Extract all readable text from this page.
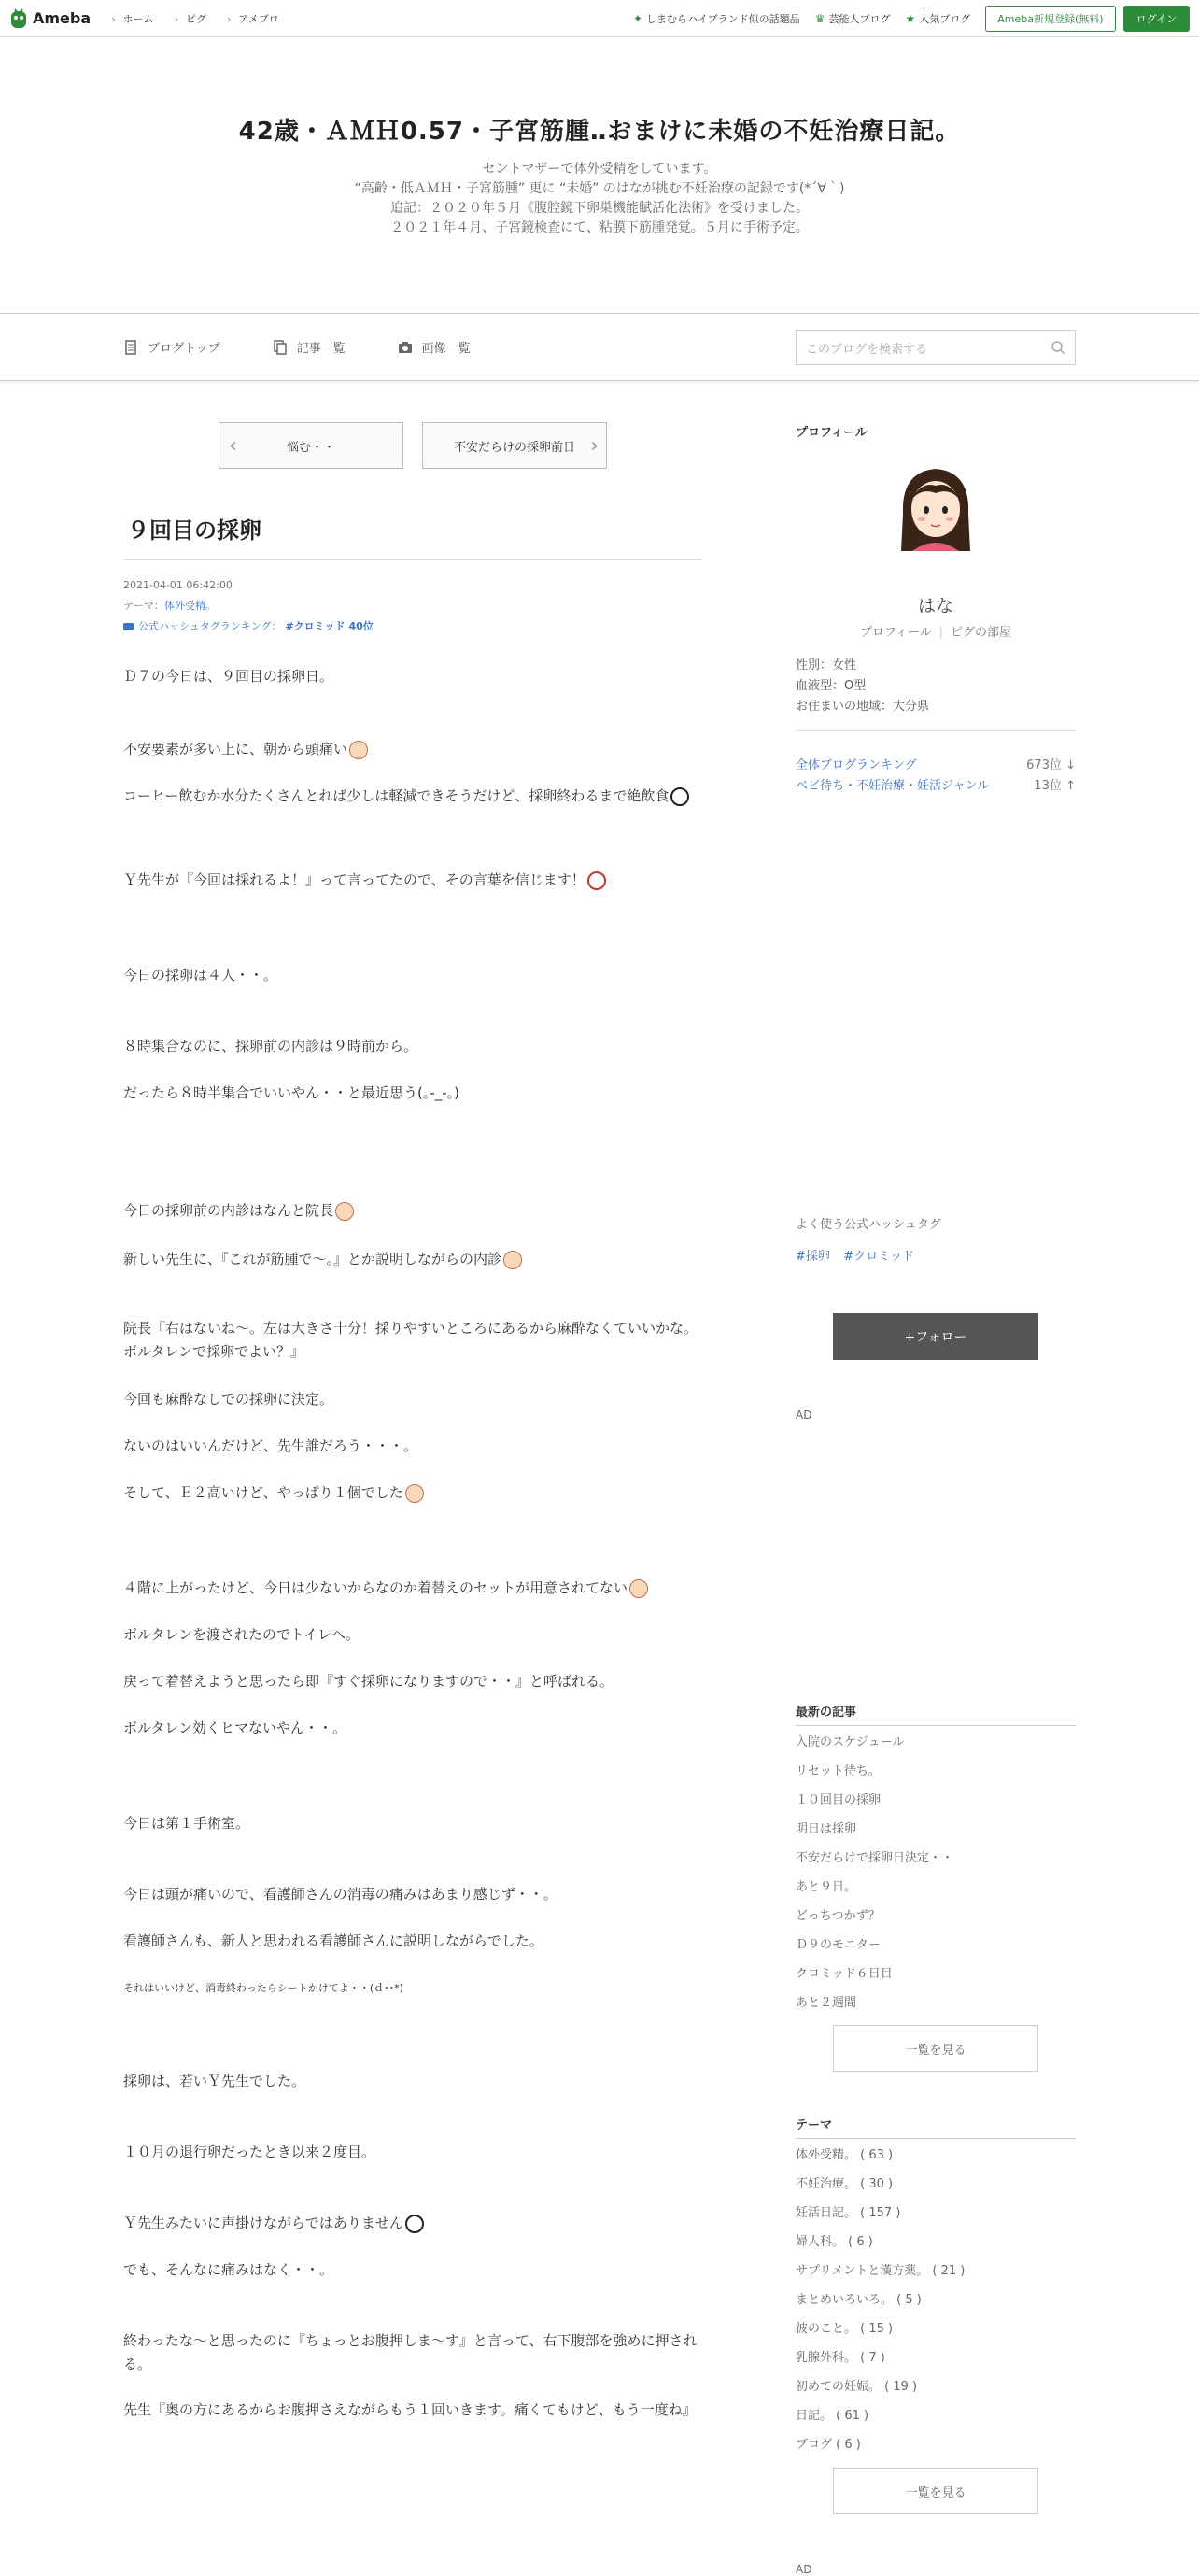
Ameba	› ホーム	› ピグ	› アメブロ	✦ しまむらハイブランド似の話題品 ♛ 芸能人ブログ ★ 人気ブログ	Ameba新規登録(無料)	ログイン
42歳・ＡＭＨ0.57・子宮筋腫‥おまけに未婚の不妊治療日記。
セントマザーで体外受精をしています。
“高齢・低ＡＭＨ・子宮筋腫” 更に “未婚” のはなが挑む不妊治療の記録です(*´∀｀)
追記：２０２０年５月《腹腔鏡下卵巣機能賦活化法術》を受けました。
２０２１年４月、子宮鏡検査にて、粘膜下筋腫発覚。５月に手術予定。
ブログトップ	記事一覧	画像一覧	このブログを検索する
‹	悩む・・	不安だらけの採卵前日 ›
９回目の採卵
2021-04-01 06:42:00
テーマ：体外受精。
公式ハッシュタグランキング： #クロミッド 40位
Ｄ７の今日は、９回目の採卵日。
不安要素が多い上に、朝から頭痛い
コーヒー飲むか水分たくさんとれば少しは軽減できそうだけど、採卵終わるまで絶飲食
Ｙ先生が『今回は採れるよ！』って言ってたので、その言葉を信じます！
今日の採卵は４人・・。
８時集合なのに、採卵前の内診は９時前から。
だったら８時半集合でいいやん・・と最近思う(｡-_-｡)
今日の採卵前の内診はなんと院長
新しい先生に、『これが筋腫で〜。』とか説明しながらの内診
院長『右はないね〜。左は大きさ十分！採りやすいところにあるから麻酔なくていいかな。ボルタレンで採卵でよい？』
今回も麻酔なしでの採卵に決定。
ないのはいいんだけど、先生誰だろう・・・。
そして、Ｅ２高いけど、やっぱり１個でした
４階に上がったけど、今日は少ないからなのか着替えのセットが用意されてない
ボルタレンを渡されたのでトイレへ。
戻って着替えようと思ったら即『すぐ採卵になりますので・・』と呼ばれる。
ボルタレン効くヒマないやん・・。
今日は第１手術室。
今日は頭が痛いので、看護師さんの消毒の痛みはあまり感じず・・。
看護師さんも、新人と思われる看護師さんに説明しながらでした。
それはいいけど、消毒終わったらシートかけてよ・・(ｄ･･*)
採卵は、若いＹ先生でした。
１０月の退行卵だったとき以来２度目。
Ｙ先生みたいに声掛けながらではありません
でも、そんなに痛みはなく・・。
終わったな〜と思ったのに『ちょっとお腹押しま〜す』と言って、右下腹部を強めに押される。
先生『奥の方にあるからお腹押さえながらもう１回いきます。痛くてもけど、もう一度ね』
プロフィール
はな
プロフィール | ピグの部屋
性別：女性
血液型：O型
お住まいの地域：大分県
全体ブログランキング	673位 ↓
ベビ待ち・不妊治療・妊活ジャンル	13位 ↑
よく使う公式ハッシュタグ
#採卵 #クロミッド
+フォロー
AD
最新の記事
入院のスケジュール
リセット待ち。
１０回目の採卵
明日は採卵
不安だらけで採卵日決定・・
あと９日。
どっちつかず？
Ｄ９のモニター
クロミッド６日目
あと２週間
一覧を見る
テーマ
体外受精。 ( 63 )
不妊治療。 ( 30 )
妊活日記。 ( 157 )
婦人科。 ( 6 )
サプリメントと漢方薬。 ( 21 )
まとめいろいろ。 ( 5 )
彼のこと。 ( 15 )
乳腺外科。 ( 7 )
初めての妊娠。 ( 19 )
日記。 ( 61 )
ブログ ( 6 )
一覧を見る
AD
